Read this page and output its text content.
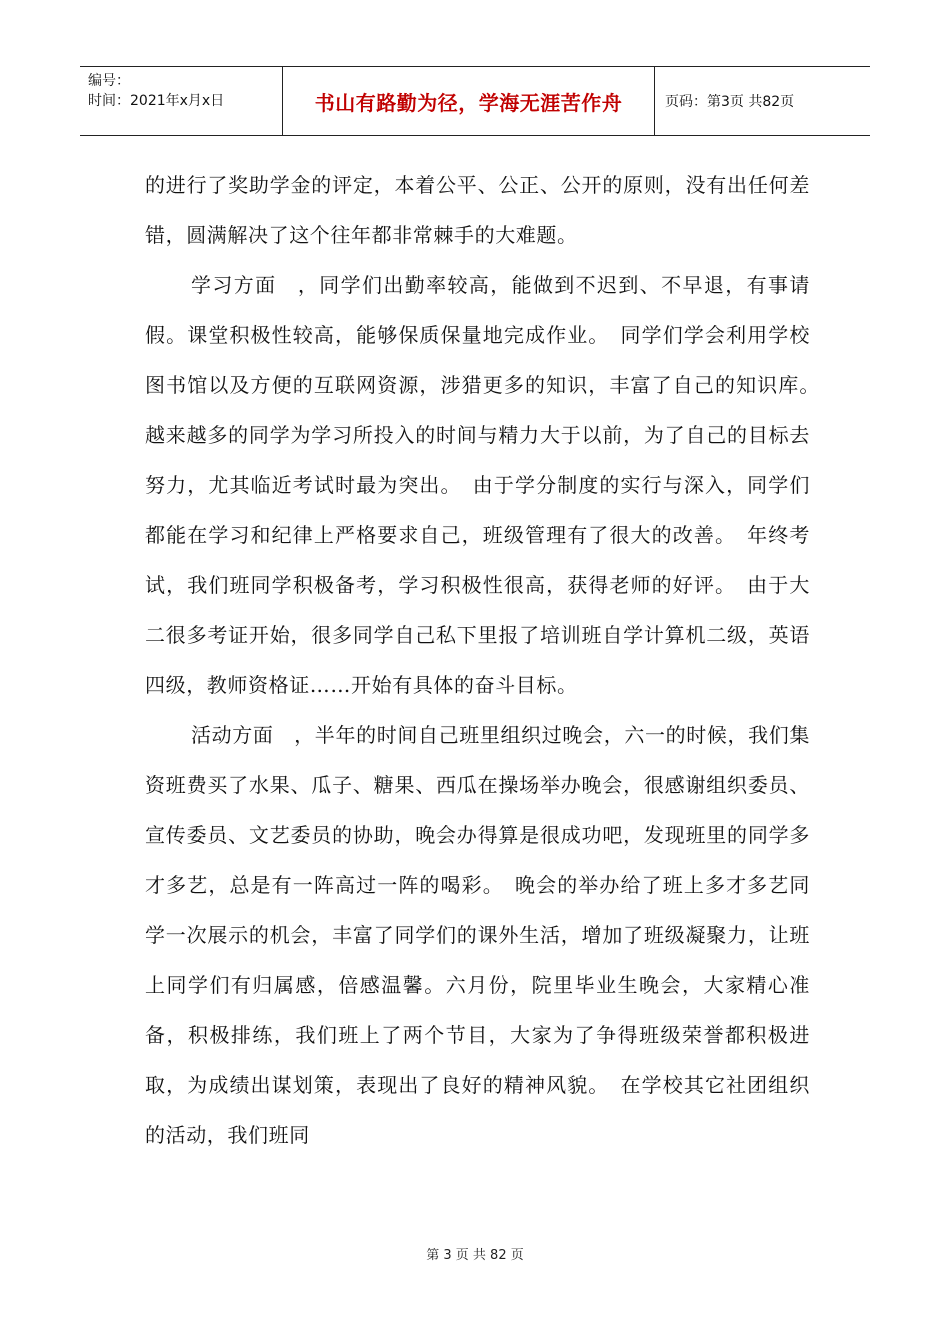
编号：
时间：2021年x月x日	书山有路勤为径，学海无涯苦作舟	页码：第3页 共82页

的进行了奖助学金的评定，本着公平、公正、公开的原则，没有出任何差错，圆满解决了这个往年都非常棘手的大难题。

学习方面　，同学们出勤率较高，能做到不迟到、不早退，有事请假。课堂积极性较高，能够保质保量地完成作业。　同学们学会利用学校图书馆以及方便的互联网资源，涉猎更多的知识，丰富了自己的知识库。　越来越多的同学为学习所投入的时间与精力大于以前，为了自己的目标去努力，尤其临近考试时最为突出。　由于学分制度的实行与深入，同学们都能在学习和纪律上严格要求自己，班级管理有了很大的改善。　年终考试，我们班同学积极备考，学习积极性很高，获得老师的好评。　由于大二很多考证开始，很多同学自己私下里报了培训班自学计算机二级，英语四级，教师资格证……开始有具体的奋斗目标。

活动方面　，半年的时间自己班里组织过晚会，六一的时候，我们集资班费买了水果、瓜子、糖果、西瓜在操场举办晚会，很感谢组织委员、宣传委员、文艺委员的协助，晚会办得算是很成功吧，发现班里的同学多才多艺，总是有一阵高过一阵的喝彩。　晚会的举办给了班上多才多艺同学一次展示的机会，丰富了同学们的课外生活，增加了班级凝聚力，让班上同学们有归属感，倍感温馨。六月份，院里毕业生晚会，大家精心准备，积极排练，我们班上了两个节目，大家为了争得班级荣誉都积极进取，为成绩出谋划策，表现出了良好的精神风貌。　在学校其它社团组织的活动，我们班同

第 3 页 共 82 页
